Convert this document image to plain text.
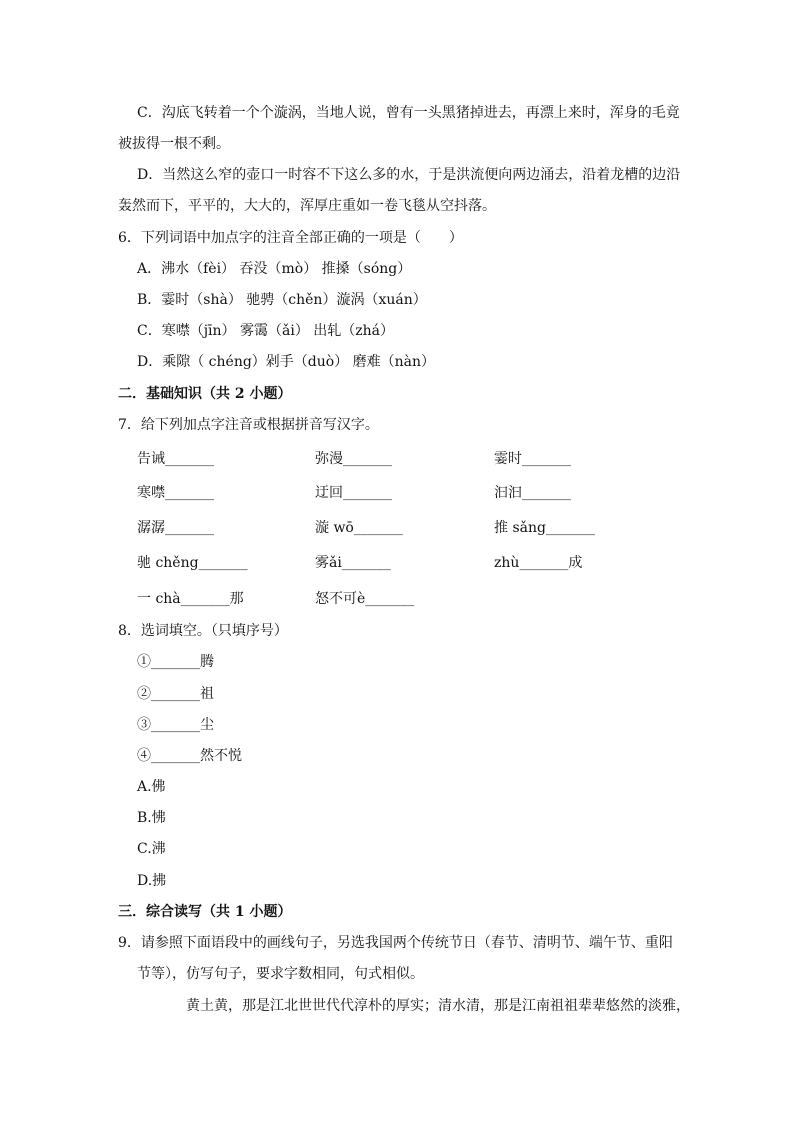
C．沟底飞转着一个个漩涡，当地人说，曾有一头黑猪掉进去，再漂上来时，浑身的毛竟
被拔得一根不剩。
D．当然这么窄的壶口一时容不下这么多的水，于是洪流便向两边涌去，沿着龙槽的边沿
轰然而下，平平的，大大的，浑厚庄重如一卷飞毯从空抖落。
6．下列词语中加点字的注音全部正确的一项是（　　）
A．沸水（fèi） 吞没（mò） 推搡（sóng）
B．霎时（shà） 驰骋（chěn）漩涡（xuán）
C．寒噤（jīn） 雾霭（ǎi） 出轧（zhá）
D．乘隙（ chéng）剁手（duò） 磨难（nàn）
二．基础知识（共 2 小题）
7．给下列加点字注音或根据拼音写汉字。
告诫_______	弥漫_______	霎时_______
寒噤_______	迂回_______	汩汩_______
潺潺_______	漩 wō_______	推 sǎng_______
驰 chěng_______	雾ǎi_______	zhù_______成
一 chà_______那	怒不可è_______
8．选词填空。（只填序号）
①_______腾
②_______祖
③_______尘
④_______然不悦
A.佛
B.怫
C.沸
D.拂
三．综合读写（共 1 小题）
9．请参照下面语段中的画线句子，另选我国两个传统节日（春节、清明节、端午节、重阳
节等），仿写句子，要求字数相同，句式相似。
黄土黄，那是江北世世代代淳朴的厚实；清水清，那是江南祖祖辈辈悠然的淡雅，
